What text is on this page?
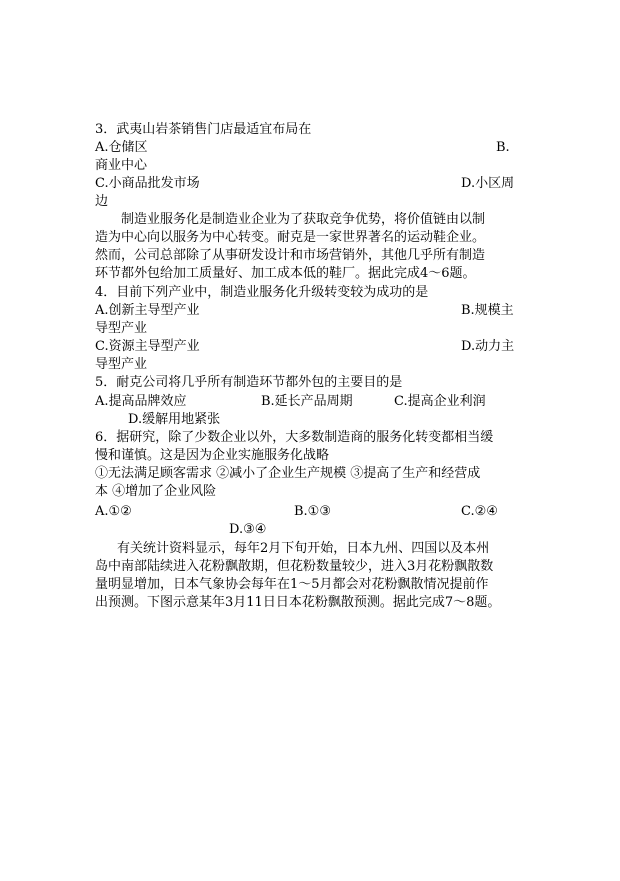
3．武夷山岩茶销售门店最适宜布局在
A.仓储区	B.
商业中心
C.小商品批发市场	D.小区周
边
制造业服务化是制造业企业为了获取竞争优势，将价值链由以制
造为中心向以服务为中心转变。耐克是一家世界著名的运动鞋企业。
然而，公司总部除了从事研发设计和市场营销外，其他几乎所有制造
环节都外包给加工质量好、加工成本低的鞋厂。据此完成4～6题。
4．目前下列产业中，制造业服务化升级转变较为成功的是
A.创新主导型产业	B.规模主
导型产业
C.资源主导型产业	D.动力主
导型产业
5．耐克公司将几乎所有制造环节都外包的主要目的是
A.提高品牌效应	B.延长产品周期	C.提高企业利润
D.缓解用地紧张
6．据研究，除了少数企业以外，大多数制造商的服务化转变都相当缓
慢和谨慎。这是因为企业实施服务化战略
①无法满足顾客需求 ②减小了企业生产规模 ③提高了生产和经营成
本 ④增加了企业风险
A.①②	B.①③	C.②④
D.③④
有关统计资料显示，每年2月下旬开始，日本九州、四国以及本州
岛中南部陆续进入花粉飘散期，但花粉数量较少，进入3月花粉飘散数
量明显增加，日本气象协会每年在1～5月都会对花粉飘散情况提前作
出预测。下图示意某年3月11日日本花粉飘散预测。据此完成7～8题。
